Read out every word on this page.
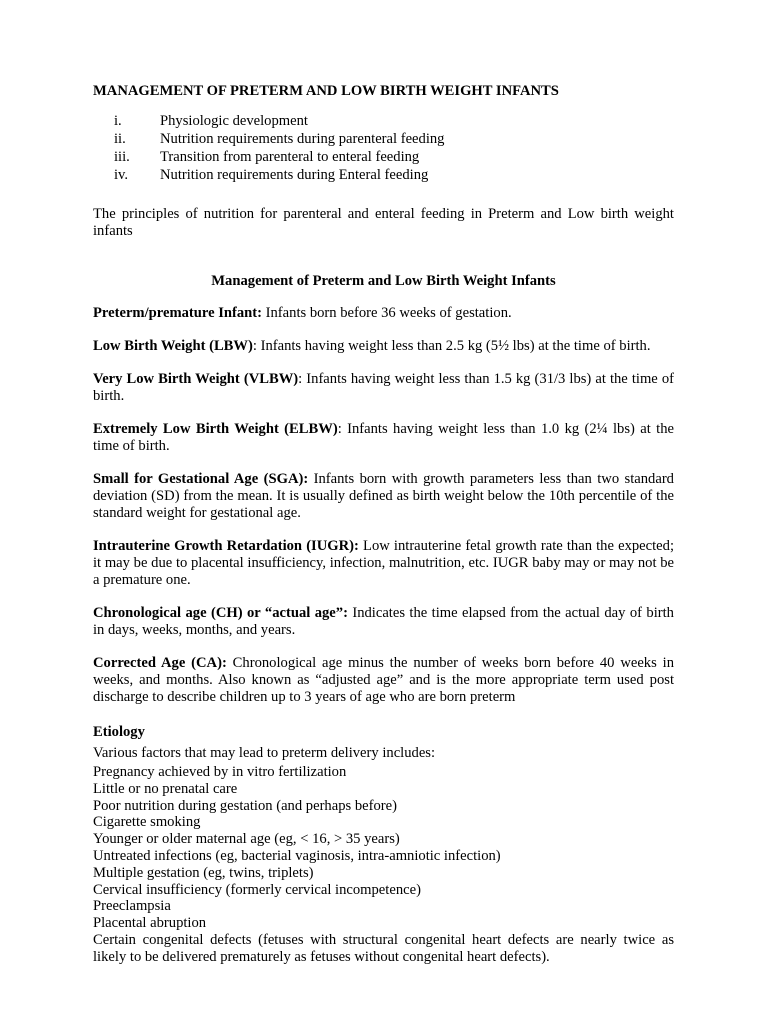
MANAGEMENT OF PRETERM AND LOW BIRTH WEIGHT INFANTS
i.	Physiologic development
ii.	Nutrition requirements during parenteral feeding
iii.	Transition from parenteral to enteral feeding
iv.	Nutrition requirements during Enteral feeding

The principles of nutrition for parenteral and enteral feeding in Preterm and Low birth weight infants

Management of Preterm and Low Birth Weight Infants

Preterm/premature Infant: Infants born before 36 weeks of gestation.

Low Birth Weight (LBW): Infants having weight less than 2.5 kg (5½ lbs) at the time of birth.

Very Low Birth Weight (VLBW): Infants having weight less than 1.5 kg (31/3 lbs) at the time of birth.

Extremely Low Birth Weight (ELBW): Infants having weight less than 1.0 kg (2¼ lbs) at the time of birth.

Small for Gestational Age (SGA): Infants born with growth parameters less than two standard deviation (SD) from the mean. It is usually defined as birth weight below the 10th percentile of the standard weight for gestational age.

Intrauterine Growth Retardation (IUGR): Low intrauterine fetal growth rate than the expected; it may be due to placental insufficiency, infection, malnutrition, etc. IUGR baby may or may not be a premature one.

Chronological age (CH) or “actual age”: Indicates the time elapsed from the actual day of birth in days, weeks, months, and years.

Corrected Age (CA): Chronological age minus the number of weeks born before 40 weeks in weeks, and months. Also known as “adjusted age” and is the more appropriate term used post discharge to describe children up to 3 years of age who are born preterm

Etiology
Various factors that may lead to preterm delivery includes:
Pregnancy achieved by in vitro fertilization
Little or no prenatal care
Poor nutrition during gestation (and perhaps before)
Cigarette smoking
Younger or older maternal age (eg, < 16, > 35 years)
Untreated infections (eg, bacterial vaginosis, intra-amniotic infection)
Multiple gestation (eg, twins, triplets)
Cervical insufficiency (formerly cervical incompetence)
Preeclampsia
Placental abruption
Certain congenital defects (fetuses with structural congenital heart defects are nearly twice as likely to be delivered prematurely as fetuses without congenital heart defects).
